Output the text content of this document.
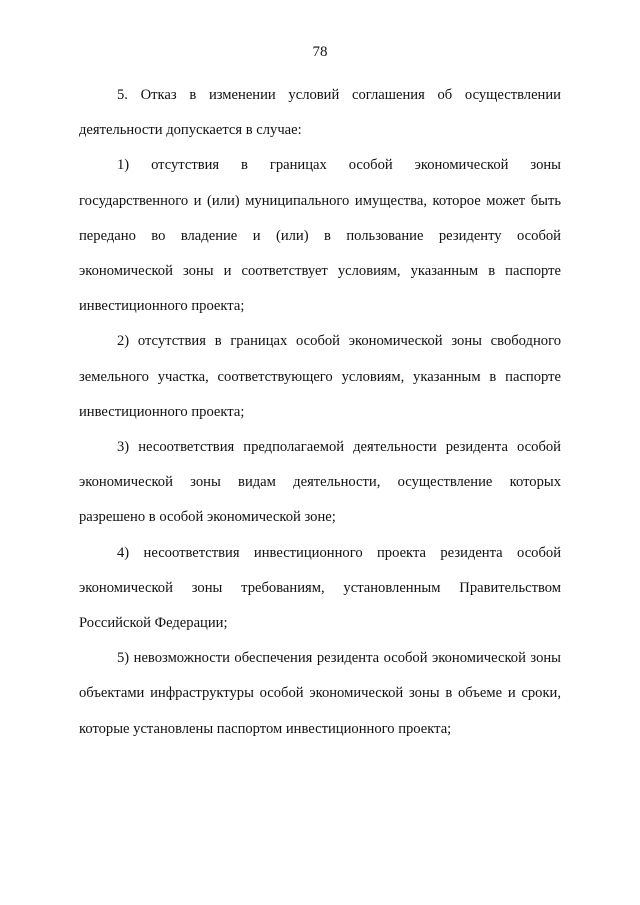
78

5. Отказ в изменении условий соглашения об осуществлении деятельности допускается в случае:

1) отсутствия в границах особой экономической зоны государственного и (или) муниципального имущества, которое может быть передано во владение и (или) в пользование резиденту особой экономической зоны и соответствует условиям, указанным в паспорте инвестиционного проекта;

2) отсутствия в границах особой экономической зоны свободного земельного участка, соответствующего условиям, указанным в паспорте инвестиционного проекта;

3) несоответствия предполагаемой деятельности резидента особой экономической зоны видам деятельности, осуществление которых разрешено в особой экономической зоне;

4) несоответствия инвестиционного проекта резидента особой экономической зоны требованиям, установленным Правительством Российской Федерации;

5) невозможности обеспечения резидента особой экономической зоны объектами инфраструктуры особой экономической зоны в объеме и сроки, которые установлены паспортом инвестиционного проекта;
